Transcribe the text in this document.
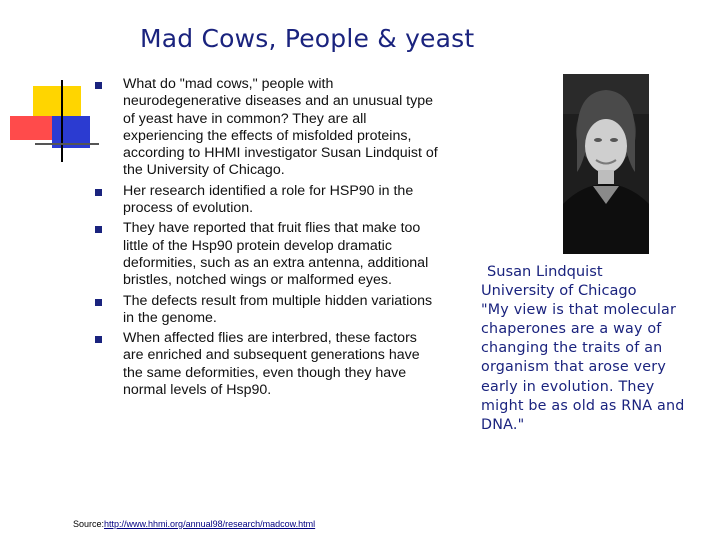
Mad Cows, People & yeast
What do "mad cows," people with neurodegenerative diseases and an unusual type of yeast have in common? They are all experiencing the effects of misfolded proteins, according to HHMI investigator Susan Lindquist of the University of Chicago.
Her research identified a role for HSP90 in the process of evolution.
They have reported that fruit flies that make too little of the Hsp90 protein develop dramatic deformities, such as an extra antenna, additional bristles, notched wings or malformed eyes.
The defects result from multiple hidden variations in the genome.
When affected flies are interbred, these factors are enriched and subsequent generations have the same deformities, even though they have normal levels of Hsp90.
Susan Lindquist
University of Chicago
"My view is that molecular chaperones are a way of changing the traits of an organism that arose very early in evolution. They might be as old as RNA and DNA."
Source:http://www.hhmi.org/annual98/research/madcow.html
